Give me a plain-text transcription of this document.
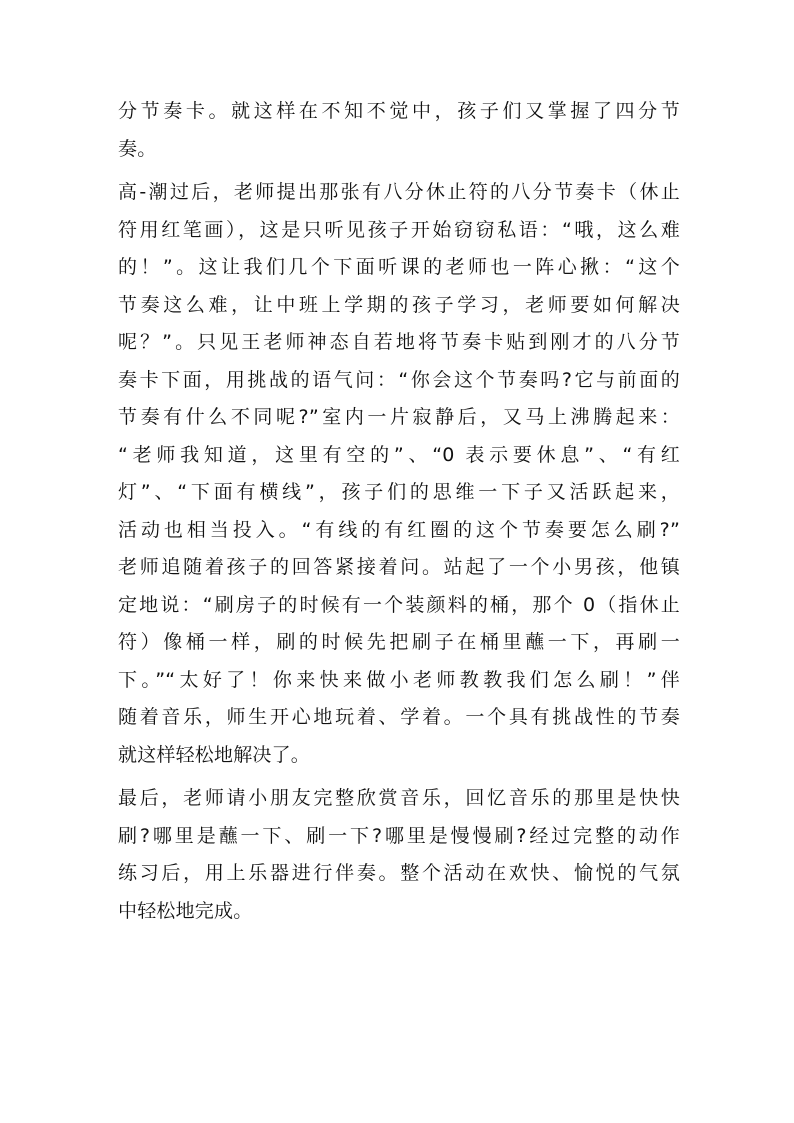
分节奏卡。就这样在不知不觉中，孩子们又掌握了四分节
奏。
高-潮过后，老师提出那张有八分休止符的八分节奏卡（休止
符用红笔画），这是只听见孩子开始窃窃私语：“哦，这么难
的！”。这让我们几个下面听课的老师也一阵心揪：“这个
节奏这么难，让中班上学期的孩子学习，老师要如何解决
呢？”。只见王老师神态自若地将节奏卡贴到刚才的八分节
奏卡下面，用挑战的语气问：“你会这个节奏吗?它与前面的
节奏有什么不同呢?”室内一片寂静后，又马上沸腾起来：
“老师我知道，这里有空的”、“0 表示要休息”、“有红
灯”、“下面有横线”，孩子们的思维一下子又活跃起来，
活动也相当投入。“有线的有红圈的这个节奏要怎么刷?”
老师追随着孩子的回答紧接着问。站起了一个小男孩，他镇
定地说：“刷房子的时候有一个装颜料的桶，那个 0（指休止
符）像桶一样，刷的时候先把刷子在桶里蘸一下，再刷一
下。”“太好了！你来快来做小老师教教我们怎么刷！”伴
随着音乐，师生开心地玩着、学着。一个具有挑战性的节奏
就这样轻松地解决了。
最后，老师请小朋友完整欣赏音乐，回忆音乐的那里是快快
刷?哪里是蘸一下、刷一下?哪里是慢慢刷?经过完整的动作
练习后，用上乐器进行伴奏。整个活动在欢快、愉悦的气氛
中轻松地完成。
